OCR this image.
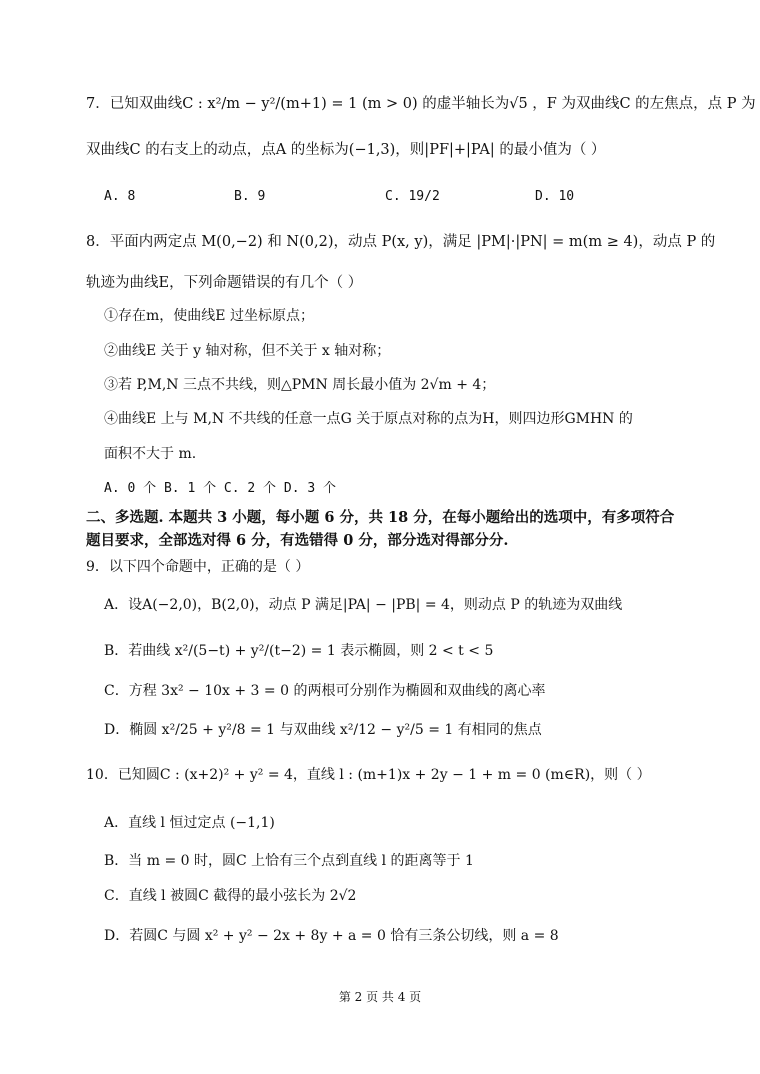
7．已知双曲线C : x²/m − y²/(m+1) = 1 (m > 0) 的虚半轴长为√5 ，F 为双曲线C 的左焦点，点 P 为
双曲线C 的右支上的动点，点A 的坐标为(−1,3)，则|PF|+|PA| 的最小值为（ ）
A. 8	B. 9	C. 19/2	D. 10
8．平面内两定点 M(0,−2) 和 N(0,2)，动点 P(x, y)，满足 |PM|·|PN| = m(m ≥ 4)，动点 P 的
轨迹为曲线E，下列命题错误的有几个（ ）
①存在m，使曲线E 过坐标原点；
②曲线E 关于 y 轴对称，但不关于 x 轴对称；
③若 P,M,N 三点不共线，则△PMN 周长最小值为 2√m + 4；
④曲线E 上与 M,N 不共线的任意一点G 关于原点对称的点为H，则四边形GMHN 的
面积不大于 m.
A. 0 个 B. 1 个 C. 2 个 D. 3 个
二、多选题. 本题共 3 小题，每小题 6 分，共 18 分，在每小题给出的选项中，有多项符合
题目要求，全部选对得 6 分，有选错得 0 分，部分选对得部分分.
9．以下四个命题中，正确的是（ ）
A．设A(−2,0)，B(2,0)，动点 P 满足|PA| − |PB| = 4，则动点 P 的轨迹为双曲线
B．若曲线 x²/(5−t) + y²/(t−2) = 1 表示椭圆，则 2 < t < 5
C．方程 3x² − 10x + 3 = 0 的两根可分别作为椭圆和双曲线的离心率
D．椭圆 x²/25 + y²/8 = 1 与双曲线 x²/12 − y²/5 = 1 有相同的焦点
10．已知圆C : (x+2)² + y² = 4，直线 l : (m+1)x + 2y − 1 + m = 0 (m∈R)，则（ ）
A．直线 l 恒过定点 (−1,1)
B．当 m = 0 时，圆C 上恰有三个点到直线 l 的距离等于 1
C．直线 l 被圆C 截得的最小弦长为 2√2
D．若圆C 与圆 x² + y² − 2x + 8y + a = 0 恰有三条公切线，则 a = 8
第 2 页 共 4 页
